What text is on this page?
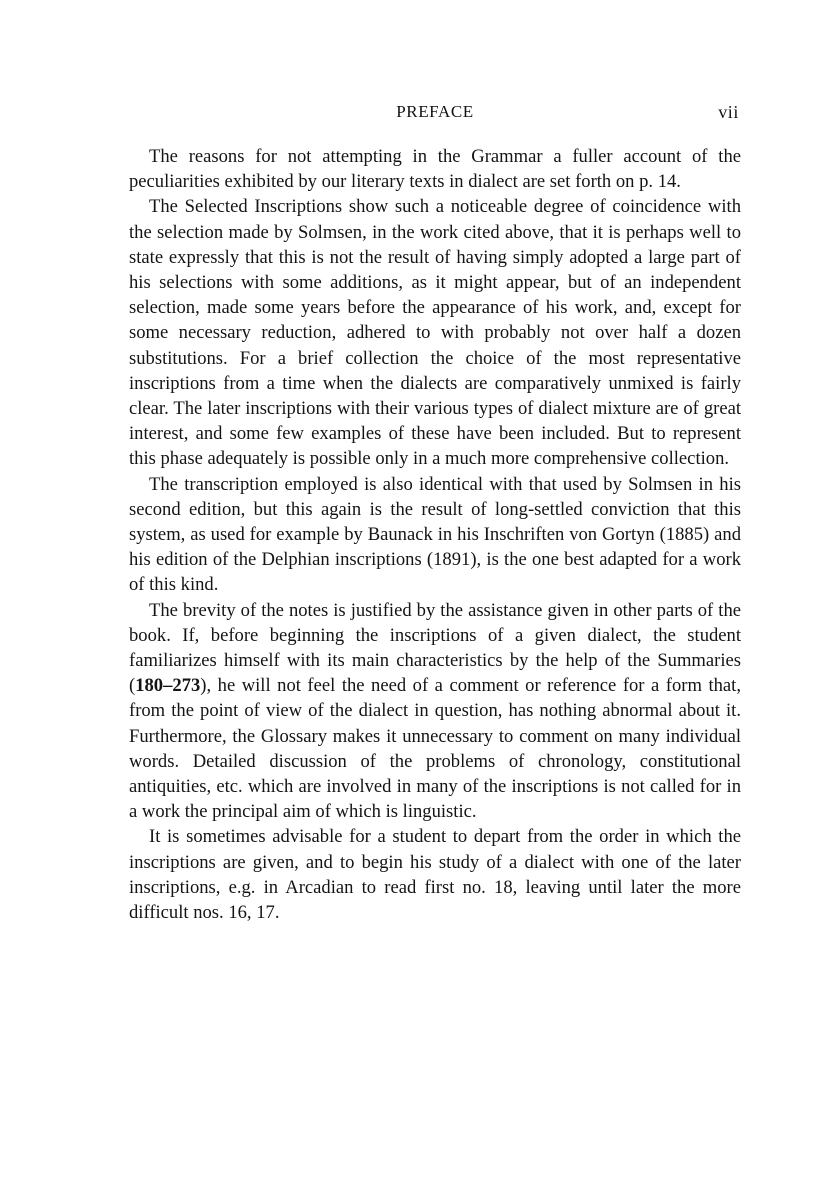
PREFACE	vii

The reasons for not attempting in the Grammar a fuller account of the peculiarities exhibited by our literary texts in dialect are set forth on p. 14.

The Selected Inscriptions show such a noticeable degree of coincidence with the selection made by Solmsen, in the work cited above, that it is perhaps well to state expressly that this is not the result of having simply adopted a large part of his selections with some additions, as it might appear, but of an independent selection, made some years before the appearance of his work, and, except for some necessary reduction, adhered to with probably not over half a dozen substitutions. For a brief collection the choice of the most representative inscriptions from a time when the dialects are comparatively unmixed is fairly clear. The later inscriptions with their various types of dialect mixture are of great interest, and some few examples of these have been included. But to represent this phase adequately is possible only in a much more comprehensive collection.

The transcription employed is also identical with that used by Solmsen in his second edition, but this again is the result of long-settled conviction that this system, as used for example by Baunack in his Inschriften von Gortyn (1885) and his edition of the Delphian inscriptions (1891), is the one best adapted for a work of this kind.

The brevity of the notes is justified by the assistance given in other parts of the book. If, before beginning the inscriptions of a given dialect, the student familiarizes himself with its main characteristics by the help of the Summaries (180–273), he will not feel the need of a comment or reference for a form that, from the point of view of the dialect in question, has nothing abnormal about it. Furthermore, the Glossary makes it unnecessary to comment on many individual words. Detailed discussion of the problems of chronology, constitutional antiquities, etc. which are involved in many of the inscriptions is not called for in a work the principal aim of which is linguistic.

It is sometimes advisable for a student to depart from the order in which the inscriptions are given, and to begin his study of a dialect with one of the later inscriptions, e.g. in Arcadian to read first no. 18, leaving until later the more difficult nos. 16, 17.
